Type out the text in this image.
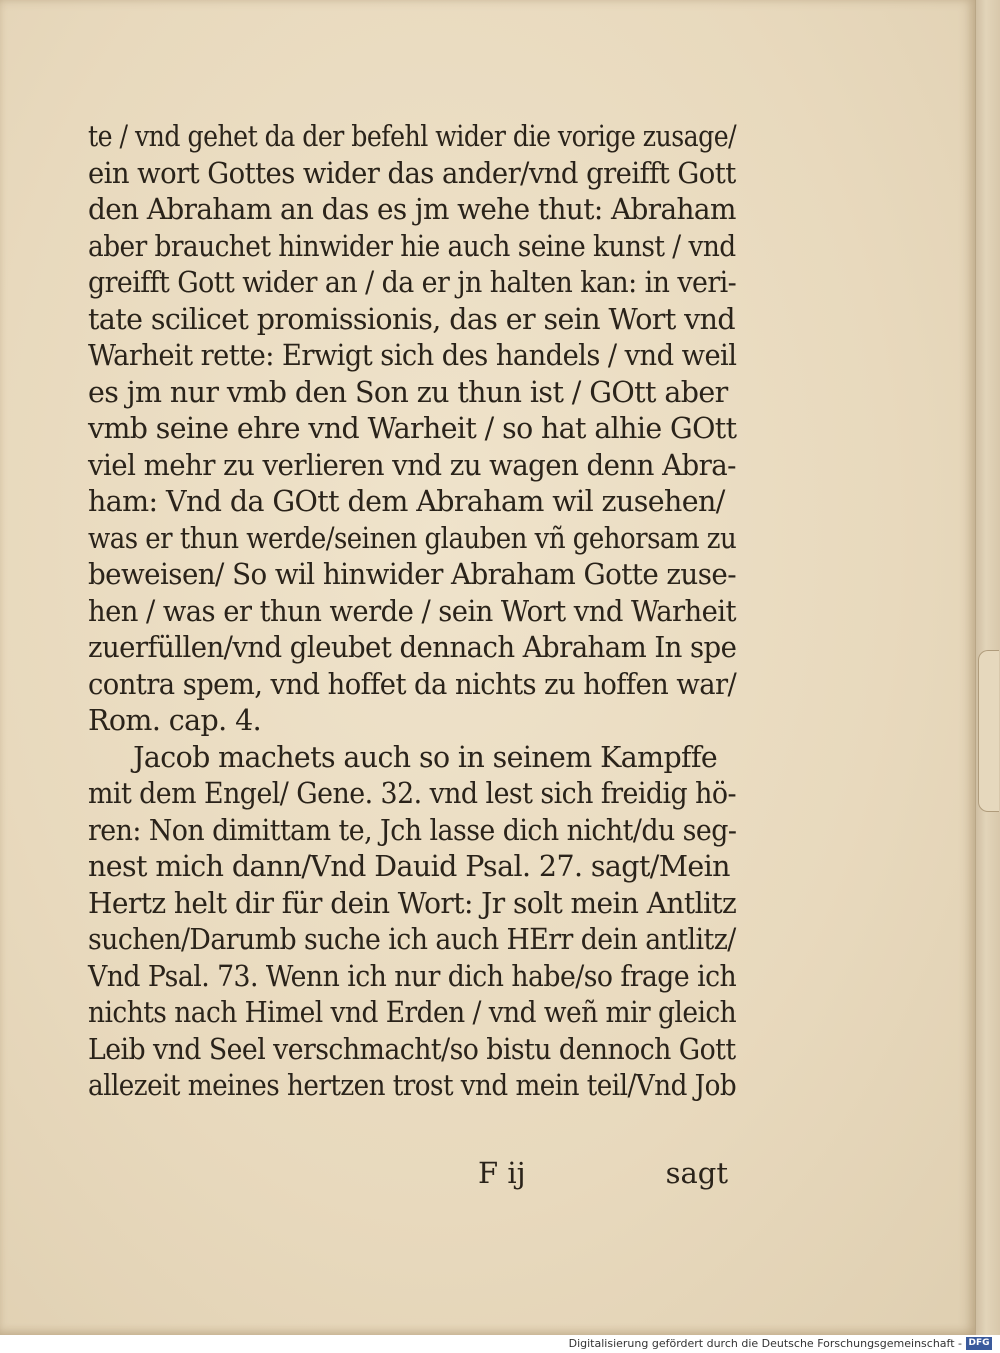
te / vnd gehet da der befehl wider die vorige zusage/
ein wort Gottes wider das ander/vnd greifft Gott
den Abraham an das es jm wehe thut: Abraham
aber brauchet hinwider hie auch seine kunst / vnd
greifft Gott wider an / da er jn halten kan: in veri-
tate scilicet promissionis, das er sein Wort vnd
Warheit rette: Erwigt sich des handels / vnd weil
es jm nur vmb den Son zu thun ist / GOtt aber
vmb seine ehre vnd Warheit / so hat alhie GOtt
viel mehr zu verlieren vnd zu wagen denn Abra-
ham: Vnd da GOtt dem Abraham wil zusehen/
was er thun werde/seinen glauben vñ gehorsam zu
beweisen/ So wil hinwider Abraham Gotte zuse-
hen / was er thun werde / sein Wort vnd Warheit
zuerfüllen/vnd gleubet dennach Abraham In spe
contra spem, vnd hoffet da nichts zu hoffen war/
Rom. cap. 4.
Jacob machets auch so in seinem Kampffe
mit dem Engel/ Gene. 32. vnd lest sich freidig hö-
ren: Non dimittam te, Jch lasse dich nicht/du seg-
nest mich dann/Vnd Dauid Psal. 27. sagt/Mein
Hertz helt dir für dein Wort: Jr solt mein Antlitz
suchen/Darumb suche ich auch HErr dein antlitz/
Vnd Psal. 73. Wenn ich nur dich habe/so frage ich
nichts nach Himel vnd Erden / vnd weñ mir gleich
Leib vnd Seel verschmacht/so bistu dennoch Gott
allezeit meines hertzen trost vnd mein teil/Vnd Job
F ij	sagt
Digitalisierung gefördert durch die Deutsche Forschungsgemeinschaft - DFG
